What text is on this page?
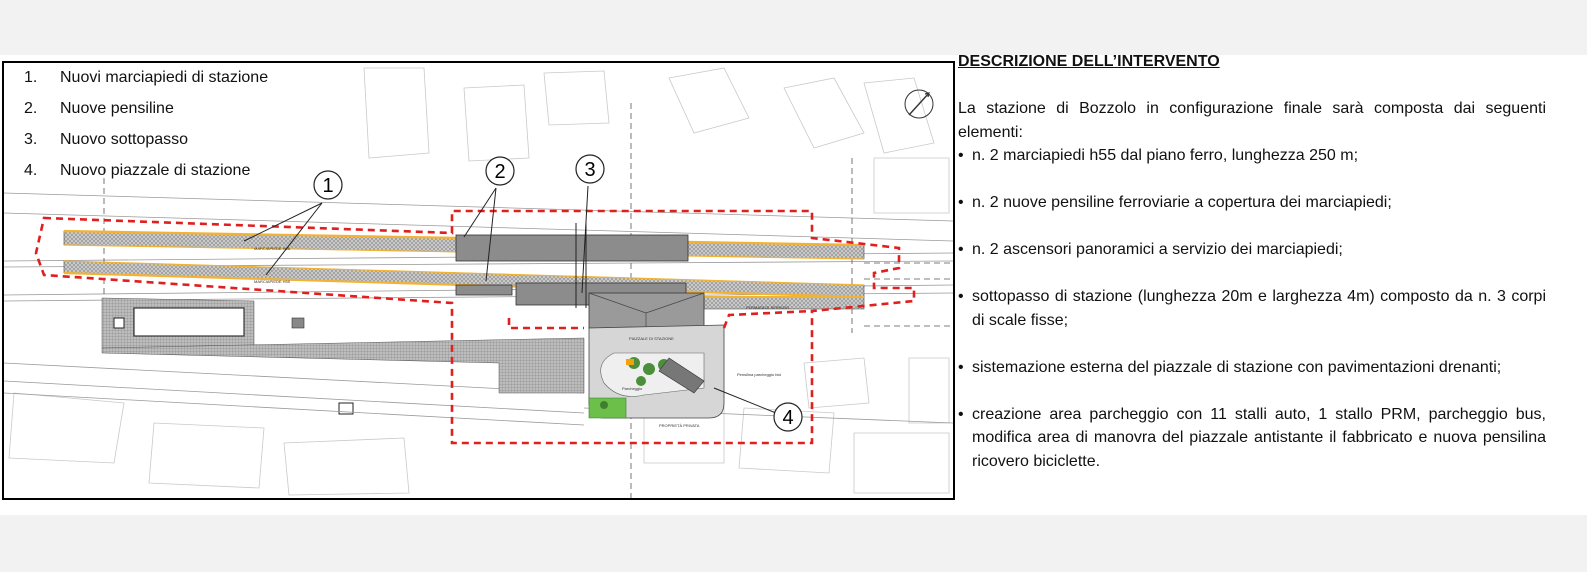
MARCIAPIEDE H55
MARCIAPIEDE H55
PIAZZALE DI STAZIONE
Parcheggio
Pensilina parcheggio bici
PROPRIETÀ PRIVATA
FERMATA DI SERVIZIO
1
2	3
4
1.	Nuovi marciapiedi di stazione
2.	Nuove pensiline
3.	Nuovo sottopasso
4.	Nuovo piazzale di stazione

DESCRIZIONE DELL’INTERVENTO

La stazione di Bozzolo in configurazione finale sarà composta dai seguenti elementi:

• n. 2 marciapiedi h55 dal piano ferro, lunghezza 250 m;
• n. 2 nuove pensiline ferroviarie a copertura dei marciapiedi;
• n. 2 ascensori panoramici a servizio dei marciapiedi;
• sottopasso di stazione (lunghezza 20m e larghezza 4m) composto da n. 3 corpi di scale fisse;
• sistemazione esterna del piazzale di stazione con pavimentazioni drenanti;
• creazione area parcheggio con 11 stalli auto, 1 stallo PRM, parcheggio bus, modifica area di manovra del piazzale antistante il fabbricato e nuova pensilina ricovero biciclette.
